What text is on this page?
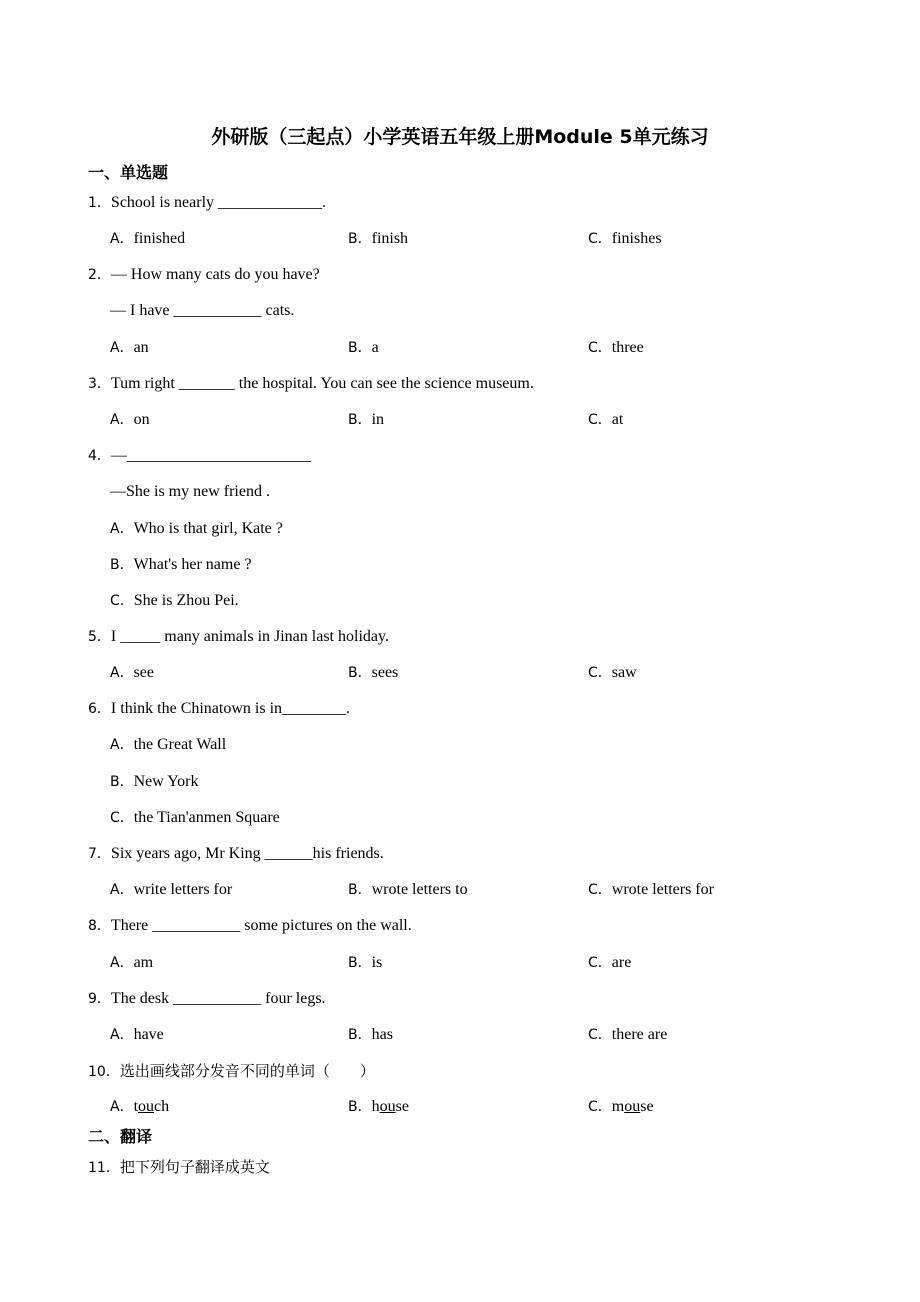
外研版（三起点）小学英语五年级上册Module 5单元练习
一、单选题
1．School is nearly _____________.
A．finished	B．finish	C．finishes
2．— How many cats do you have?
— I have ___________ cats.
A．an	B．a	C．three
3．Tum right _______ the hospital. You can see the science museum.
A．on	B．in	C．at
4．—_______________________
—She is my new friend .
A．Who is that girl, Kate ?
B．What's her name ?
C．She is Zhou Pei.
5．I _____ many animals in Jinan last holiday.
A．see	B．sees	C．saw
6．I think the Chinatown is in________.
A．the Great Wall
B．New York
C．the Tian'anmen Square
7．Six years ago, Mr King ______his friends.
A．write letters for	B．wrote letters to	C．wrote letters for
8．There ___________ some pictures on the wall.
A．am	B．is	C．are
9．The desk ___________ four legs.
A．have	B．has	C．there are
10．选出画线部分发音不同的单词（　　）
A．touch	B．house	C．mouse
二、翻译
11．把下列句子翻译成英文
